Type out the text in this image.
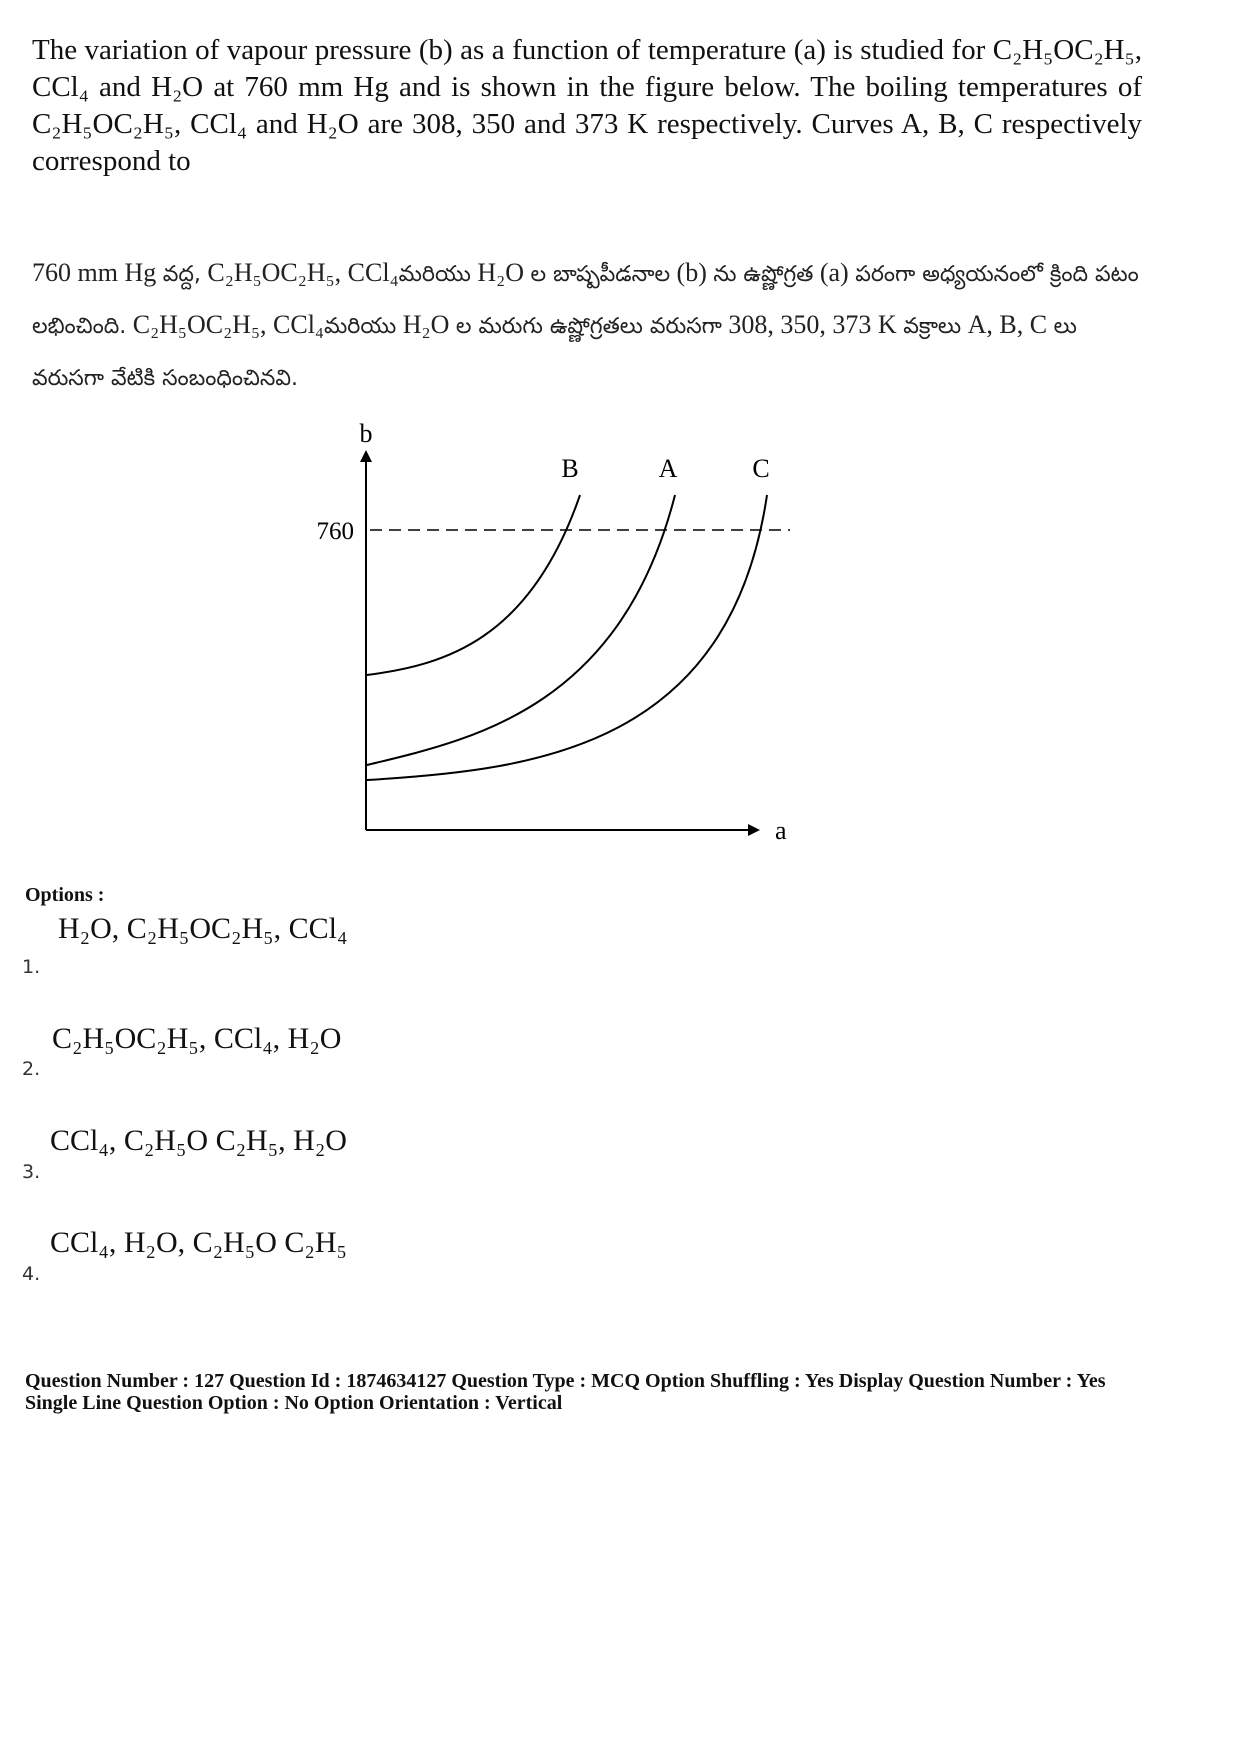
The variation of vapour pressure (b) as a function of temperature (a) is studied for C₂H₅OC₂H₅, CCl₄ and H₂O at 760 mm Hg and is shown in the figure below. The boiling temperatures of C₂H₅OC₂H₅, CCl₄ and H₂O are 308, 350 and 373 K respectively. Curves A, B, C respectively correspond to
760 mm Hg వద్ద, C₂H₅OC₂H₅, CCl₄మరియు H₂O ల బాష్పపీడనాల (b) ను ఉష్ణోగ్రత (a) పరంగా అధ్యయనంలో క్రింది పటం లభించింది. C₂H₅OC₂H₅, CCl₄మరియు H₂O ల మరుగు ఉష్ణోగ్రతలు వరుసగా 308, 350, 373 K వక్రాలు A, B, C లు వరుసగా వేటికి సంబంధించినవి.
b
a
760
B	A	C
Options :
1.
H₂O, C₂H₅OC₂H₅, CCl₄
2.
C₂H₅OC₂H₅, CCl₄, H₂O
3.
CCl₄, C₂H₅O C₂H₅, H₂O
4.
CCl₄, H₂O, C₂H₅O C₂H₅
Question Number : 127 Question Id : 1874634127 Question Type : MCQ Option Shuffling : Yes Display Question Number : Yes
Single Line Question Option : No Option Orientation : Vertical
